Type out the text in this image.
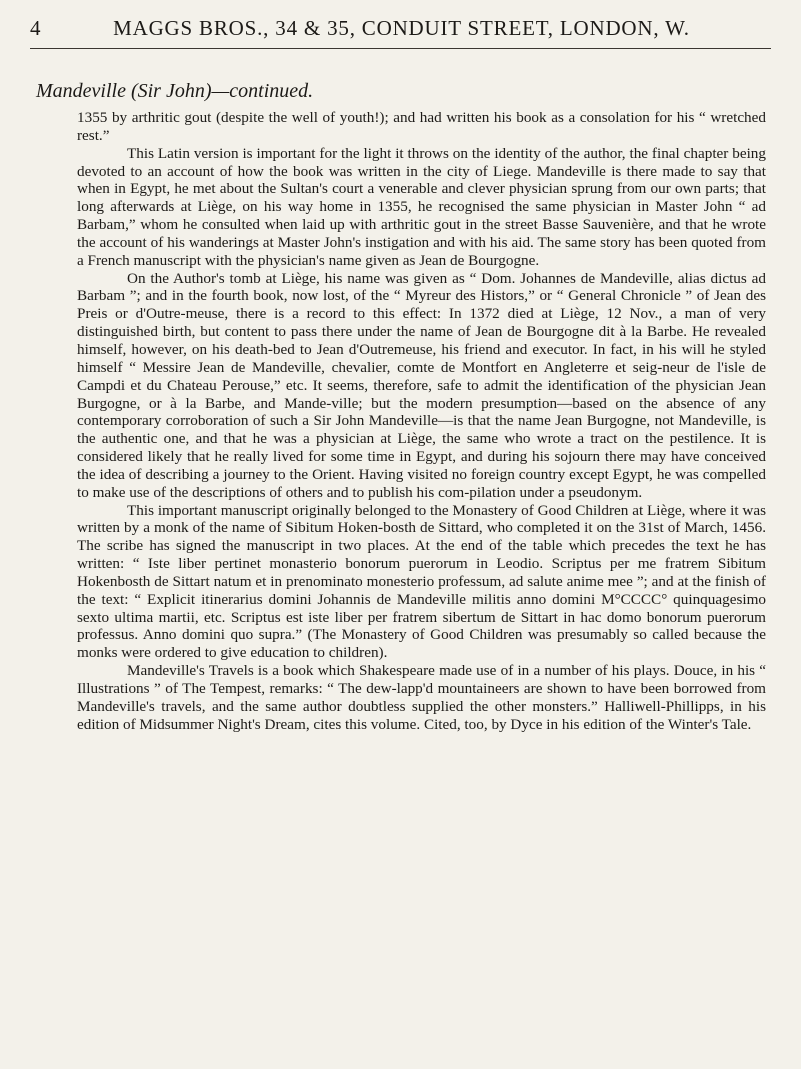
4	MAGGS BROS., 34 & 35, CONDUIT STREET, LONDON, W.
Mandeville (Sir John)—continued.

1355 by arthritic gout (despite the well of youth!); and had written his book as a consolation for his “ wretched rest.”

This Latin version is important for the light it throws on the identity of the author, the final chapter being devoted to an account of how the book was written in the city of Liege. Mandeville is there made to say that when in Egypt, he met about the Sultan's court a venerable and clever physician sprung from our own parts; that long afterwards at Liège, on his way home in 1355, he recognised the same physician in Master John “ ad Barbam,” whom he consulted when laid up with arthritic gout in the street Basse Sauvenière, and that he wrote the account of his wanderings at Master John's instigation and with his aid. The same story has been quoted from a French manuscript with the physician's name given as Jean de Bourgogne.

On the Author's tomb at Liège, his name was given as “ Dom. Johannes de Mandeville, alias dictus ad Barbam ”; and in the fourth book, now lost, of the “ Myreur des Histors,” or “ General Chronicle ” of Jean des Preis or d'Outre-meuse, there is a record to this effect: In 1372 died at Liège, 12 Nov., a man of very distinguished birth, but content to pass there under the name of Jean de Bourgogne dit à la Barbe. He revealed himself, however, on his death-bed to Jean d'Outremeuse, his friend and executor. In fact, in his will he styled himself “ Messire Jean de Mandeville, chevalier, comte de Montfort en Angleterre et seig-neur de l'isle de Campdi et du Chateau Perouse,” etc. It seems, therefore, safe to admit the identification of the physician Jean Burgogne, or à la Barbe, and Mande-ville; but the modern presumption—based on the absence of any contemporary corroboration of such a Sir John Mandeville—is that the name Jean Burgogne, not Mandeville, is the authentic one, and that he was a physician at Liège, the same who wrote a tract on the pestilence. It is considered likely that he really lived for some time in Egypt, and during his sojourn there may have conceived the idea of describing a journey to the Orient. Having visited no foreign country except Egypt, he was compelled to make use of the descriptions of others and to publish his com-pilation under a pseudonym.

This important manuscript originally belonged to the Monastery of Good Children at Liège, where it was written by a monk of the name of Sibitum Hoken-bosth de Sittard, who completed it on the 31st of March, 1456. The scribe has signed the manuscript in two places. At the end of the table which precedes the text he has written: “ Iste liber pertinet monasterio bonorum puerorum in Leodio. Scriptus per me fratrem Sibitum Hokenbosth de Sittart natum et in prenominato monesterio professum, ad salute anime mee ”; and at the finish of the text: “ Explicit itinerarius domini Johannis de Mandeville militis anno domini M°CCCC° quinquagesimo sexto ultima martii, etc. Scriptus est iste liber per fratrem sibertum de Sittart in hac domo bonorum puerorum professus. Anno domini quo supra.” (The Monastery of Good Children was presumably so called because the monks were ordered to give education to children).

Mandeville's Travels is a book which Shakespeare made use of in a number of his plays. Douce, in his “ Illustrations ” of The Tempest, remarks: “ The dew-lapp'd mountaineers are shown to have been borrowed from Mandeville's travels, and the same author doubtless supplied the other monsters.” Halliwell-Phillipps, in his edition of Midsummer Night's Dream, cites this volume. Cited, too, by Dyce in his edition of the Winter's Tale.
